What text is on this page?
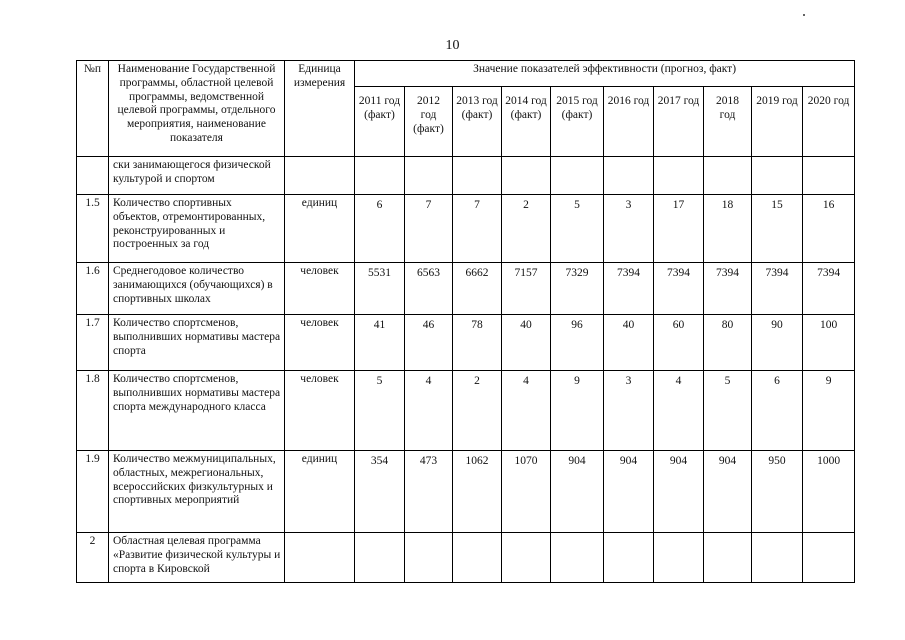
10
№п	Наименование Государственной программы, областной целевой программы, ведомственной целевой программы, отдельного мероприятия, наименование показателя	Единица измерения	Значение показателей эффективности (прогноз, факт)									
			2011 год (факт)	2012 год (факт)	2013 год (факт)	2014 год (факт)	2015 год (факт)	2016 год	2017 год	2018 год	2019 год	2020 год
	ски занимающегося физической культурой и спортом											
1.5	Количество спортивных объектов, отремонтированных, реконструированных и построенных за год	единиц	6	7	7	2	5	3	17	18	15	16
1.6	Среднегодовое количество занимающихся (обучающихся) в спортивных школах	человек	5531	6563	6662	7157	7329	7394	7394	7394	7394	7394
1.7	Количество спортсменов, выполнивших нормативы мастера спорта	человек	41	46	78	40	96	40	60	80	90	100
1.8	Количество спортсменов, выполнивших нормативы мастера спорта международного класса	человек	5	4	2	4	9	3	4	5	6	9
1.9	Количество межмуниципальных, областных, межрегиональных, всероссийских физкультурных и спортивных мероприятий	единиц	354	473	1062	1070	904	904	904	904	950	1000
2	Областная целевая программа «Развитие физической культуры и спорта в Кировской											
